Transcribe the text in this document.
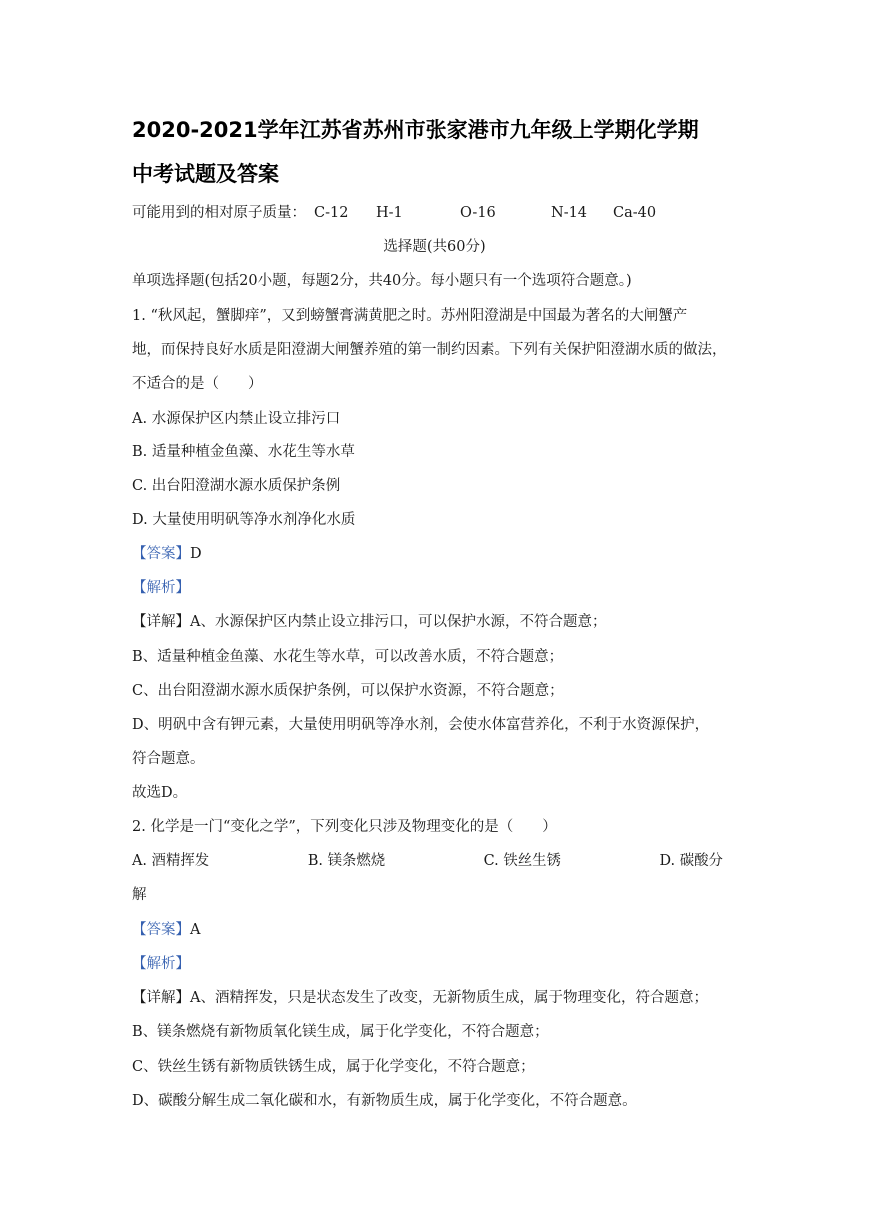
2020-2021学年江苏省苏州市张家港市九年级上学期化学期
中考试题及答案
可能用到的相对原子质量： C-12 H-1	O-16	N-14 Ca-40
选择题(共60分)
单项选择题(包括20小题，每题2分，共40分。每小题只有一个选项符合题意。)
1. “秋风起，蟹脚痒”，又到螃蟹膏满黄肥之时。苏州阳澄湖是中国最为著名的大闸蟹产
地，而保持良好水质是阳澄湖大闸蟹养殖的第一制约因素。下列有关保护阳澄湖水质的做法，
不适合的是（　　）
A. 水源保护区内禁止设立排污口
B. 适量种植金鱼藻、水花生等水草
C. 出台阳澄湖水源水质保护条例
D. 大量使用明矾等净水剂净化水质
【答案】D
【解析】
【详解】A、水源保护区内禁止设立排污口，可以保护水源，不符合题意；
B、适量种植金鱼藻、水花生等水草，可以改善水质，不符合题意；
C、出台阳澄湖水源水质保护条例，可以保护水资源，不符合题意；
D、明矾中含有钾元素，大量使用明矾等净水剂，会使水体富营养化，不利于水资源保护，
符合题意。
故选D。
2. 化学是一门“变化之学”，下列变化只涉及物理变化的是（　　）
A. 酒精挥发	B. 镁条燃烧	C. 铁丝生锈	D. 碳酸分
解
【答案】A
【解析】
【详解】A、酒精挥发，只是状态发生了改变，无新物质生成，属于物理变化，符合题意；
B、镁条燃烧有新物质氧化镁生成，属于化学变化，不符合题意；
C、铁丝生锈有新物质铁锈生成，属于化学变化，不符合题意；
D、碳酸分解生成二氧化碳和水，有新物质生成，属于化学变化，不符合题意。
